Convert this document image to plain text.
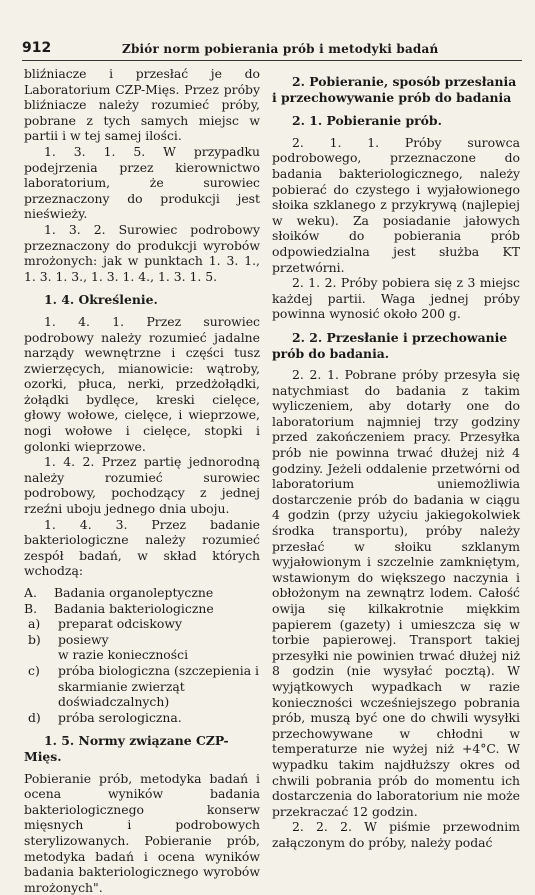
912	Zbiór norm pobierania prób i metodyki badań

bliźniacze i przesłać je do Laboratorium CZP-Mięs. Przez próby bliźniacze należy rozumieć próby, pobrane z tych samych miejsc w partii i w tej samej ilości.

1. 3. 1. 5. W przypadku podejrzenia przez kierownictwo laboratorium, że surowiec przeznaczony do produkcji jest nieświeży.

1. 3. 2. Surowiec podrobowy przeznaczony do produkcji wyrobów mrożonych: jak w punktach 1. 3. 1., 1. 3. 1. 3., 1. 3. 1. 4., 1. 3. 1. 5.

1. 4. Określenie.

1. 4. 1. Przez surowiec podrobowy należy rozumieć jadalne narządy wewnętrzne i części tusz zwierzęcych, mianowicie: wątroby, ozorki, płuca, nerki, przedżołądki, żołądki bydlęce, kreski cielęce, głowy wołowe, cielęce, i wieprzowe, nogi wołowe i cielęce, stopki i golonki wieprzowe.

1. 4. 2. Przez partię jednorodną należy rozumieć surowiec podrobowy, pochodzący z jednej rzeźni uboju jednego dnia uboju.

1. 4. 3. Przez badanie bakteriologiczne należy rozumieć zespół badań, w skład których wchodzą:

A.	Badania organoleptyczne
B.	Badania bakteriologiczne
a)	preparat odciskowy
b)	posiewy
w razie konieczności
c)	próba biologiczna (szczepienia i skarmianie zwierząt doświadczalnych)
d)	próba serologiczna.

1. 5. Normy związane CZP-Mięs.

Pobieranie prób, metodyka badań i ocena wyników badania bakteriologicznego konserw mięsnych i podrobowych sterylizowanych. Pobieranie prób, metodyka badań i ocena wyników badania bakteriologicznego wyrobów mrożonych".

2. Pobieranie, sposób przesłania i przechowywanie prób do badania

2. 1. Pobieranie prób.

2. 1. 1. Próby surowca podrobowego, przeznaczone do badania bakteriologicznego, należy pobierać do czystego i wyjałowionego słoika szklanego z przykrywą (najlepiej w weku). Za posiadanie jałowych słoików do pobierania prób odpowiedzialna jest służba KT przetwórni.

2. 1. 2. Próby pobiera się z 3 miejsc każdej partii. Waga jednej próby powinna wynosić około 200 g.

2. 2. Przesłanie i przechowanie prób do badania.

2. 2. 1. Pobrane próby przesyła się natychmiast do badania z takim wyliczeniem, aby dotarły one do laboratorium najmniej trzy godziny przed zakończeniem pracy. Przesyłka prób nie powinna trwać dłużej niż 4 godziny. Jeżeli oddalenie przetwórni od laboratorium uniemożliwia dostarczenie prób do badania w ciągu 4 godzin (przy użyciu jakiegokolwiek środka transportu), próby należy przesłać w słoiku szklanym wyjałowionym i szczelnie zamkniętym, wstawionym do większego naczynia i obłożonym na zewnątrz lodem. Całość owija się kilkakrotnie miękkim papierem (gazety) i umieszcza się w torbie papierowej. Transport takiej przesyłki nie powinien trwać dłużej niż 8 godzin (nie wysyłać pocztą). W wyjątkowych wypadkach w razie konieczności wcześniejszego pobrania prób, muszą być one do chwili wysyłki przechowywane w chłodni w temperaturze nie wyżej niż +4°C. W wypadku takim najdłuższy okres od chwili pobrania prób do momentu ich dostarczenia do laboratorium nie może przekraczać 12 godzin.

2. 2. 2. W piśmie przewodnim załączonym do próby, należy podać
